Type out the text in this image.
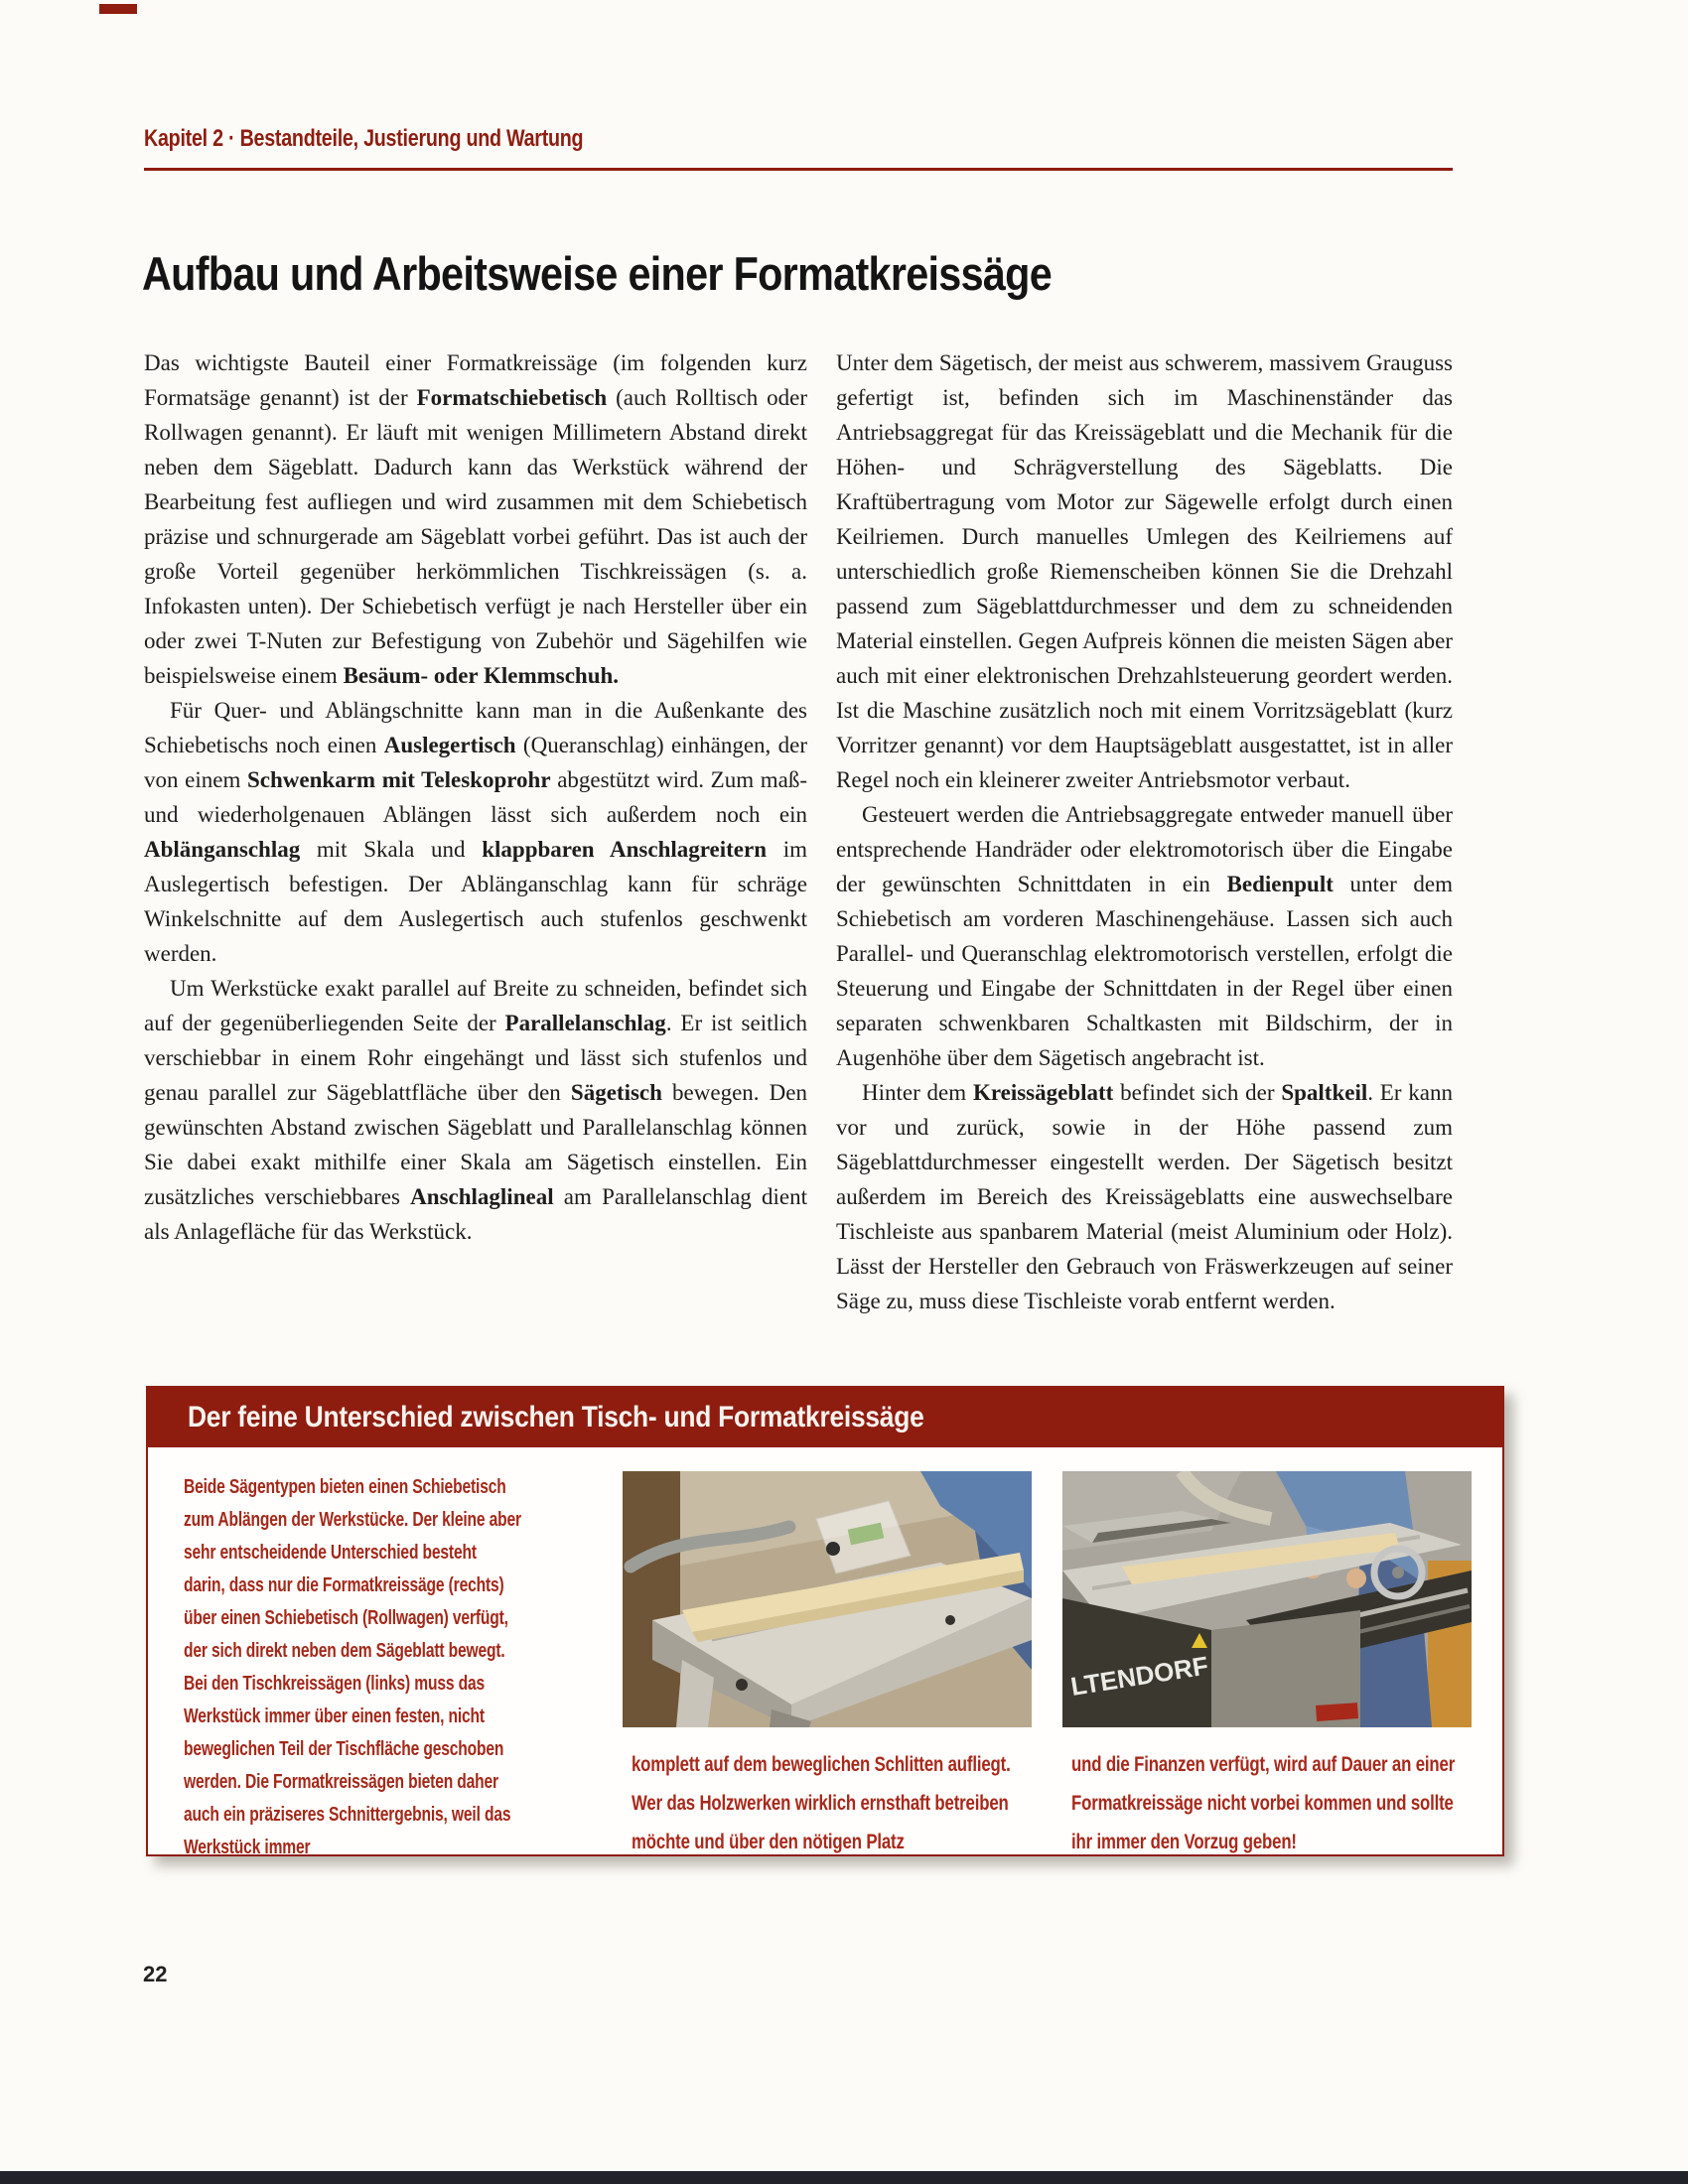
Kapitel 2 · Bestandteile, Justierung und Wartung
Aufbau und Arbeitsweise einer Formatkreissäge

Das wichtigste Bauteil einer Formatkreissäge (im folgenden kurz Formatsäge genannt) ist der Formatschiebetisch (auch Rolltisch oder Rollwagen genannt). Er läuft mit wenigen Millimetern Abstand direkt neben dem Sägeblatt. Dadurch kann das Werkstück während der Bearbeitung fest aufliegen und wird zusammen mit dem Schiebetisch präzise und schnurgerade am Sägeblatt vorbei geführt. Das ist auch der große Vorteil gegenüber herkömmlichen Tischkreissägen (s. a. Infokasten unten). Der Schiebetisch verfügt je nach Hersteller über ein oder zwei T-Nuten zur Befestigung von Zubehör und Sägehilfen wie beispielsweise einem Besäum- oder Klemmschuh.

Für Quer- und Ablängschnitte kann man in die Außenkante des Schiebetischs noch einen Auslegertisch (Queranschlag) einhängen, der von einem Schwenkarm mit Teleskoprohr abgestützt wird. Zum maß- und wiederholgenauen Ablängen lässt sich außerdem noch ein Ablänganschlag mit Skala und klappbaren Anschlagreitern im Auslegertisch befestigen. Der Ablänganschlag kann für schräge Winkelschnitte auf dem Auslegertisch auch stufenlos geschwenkt werden.

Um Werkstücke exakt parallel auf Breite zu schneiden, befindet sich auf der gegenüberliegenden Seite der Parallelanschlag. Er ist seitlich verschiebbar in einem Rohr eingehängt und lässt sich stufenlos und genau parallel zur Sägeblattfläche über den Sägetisch bewegen. Den gewünschten Abstand zwischen Sägeblatt und Parallelanschlag können Sie dabei exakt mithilfe einer Skala am Sägetisch einstellen. Ein zusätzliches verschiebbares Anschlaglineal am Parallelanschlag dient als Anlagefläche für das Werkstück.

Unter dem Sägetisch, der meist aus schwerem, massivem Grauguss gefertigt ist, befinden sich im Maschinenständer das Antriebsaggregat für das Kreissägeblatt und die Mechanik für die Höhen- und Schrägverstellung des Sägeblatts. Die Kraftübertragung vom Motor zur Sägewelle erfolgt durch einen Keilriemen. Durch manuelles Umlegen des Keilriemens auf unterschiedlich große Riemenscheiben können Sie die Drehzahl passend zum Sägeblattdurchmesser und dem zu schneidenden Material einstellen. Gegen Aufpreis können die meisten Sägen aber auch mit einer elektronischen Drehzahlsteuerung geordert werden. Ist die Maschine zusätzlich noch mit einem Vorritzsägeblatt (kurz Vorritzer genannt) vor dem Hauptsägeblatt ausgestattet, ist in aller Regel noch ein kleinerer zweiter Antriebsmotor verbaut.

Gesteuert werden die Antriebsaggregate entweder manuell über entsprechende Handräder oder elektromotorisch über die Eingabe der gewünschten Schnittdaten in ein Bedienpult unter dem Schiebetisch am vorderen Maschinengehäuse. Lassen sich auch Parallel- und Queranschlag elektromotorisch verstellen, erfolgt die Steuerung und Eingabe der Schnittdaten in der Regel über einen separaten schwenkbaren Schaltkasten mit Bildschirm, der in Augenhöhe über dem Sägetisch angebracht ist.

Hinter dem Kreissägeblatt befindet sich der Spaltkeil. Er kann vor und zurück, sowie in der Höhe passend zum Sägeblattdurchmesser eingestellt werden. Der Sägetisch besitzt außerdem im Bereich des Kreissägeblatts eine auswechselbare Tischleiste aus spanbarem Material (meist Aluminium oder Holz). Lässt der Hersteller den Gebrauch von Fräswerkzeugen auf seiner Säge zu, muss diese Tischleiste vorab entfernt werden.

Der feine Unterschied zwischen Tisch- und Formatkreissäge

Beide Sägentypen bieten einen Schiebetisch zum Ablängen der Werkstücke. Der kleine aber sehr entscheidende Unterschied besteht darin, dass nur die Formatkreissäge (rechts) über einen Schiebetisch (Rollwagen) verfügt, der sich direkt neben dem Sägeblatt bewegt. Bei den Tischkreissägen (links) muss das Werkstück immer über einen festen, nicht beweglichen Teil der Tischfläche geschoben werden. Die Formatkreissägen bieten daher auch ein präziseres Schnittergebnis, weil das Werkstück immer

LTENDORF

komplett auf dem beweglichen Schlitten aufliegt. Wer das Holzwerken wirklich ernsthaft betreiben möchte und über den nötigen Platz

und die Finanzen verfügt, wird auf Dauer an einer Formatkreissäge nicht vorbei kommen und sollte ihr immer den Vorzug geben!

22
